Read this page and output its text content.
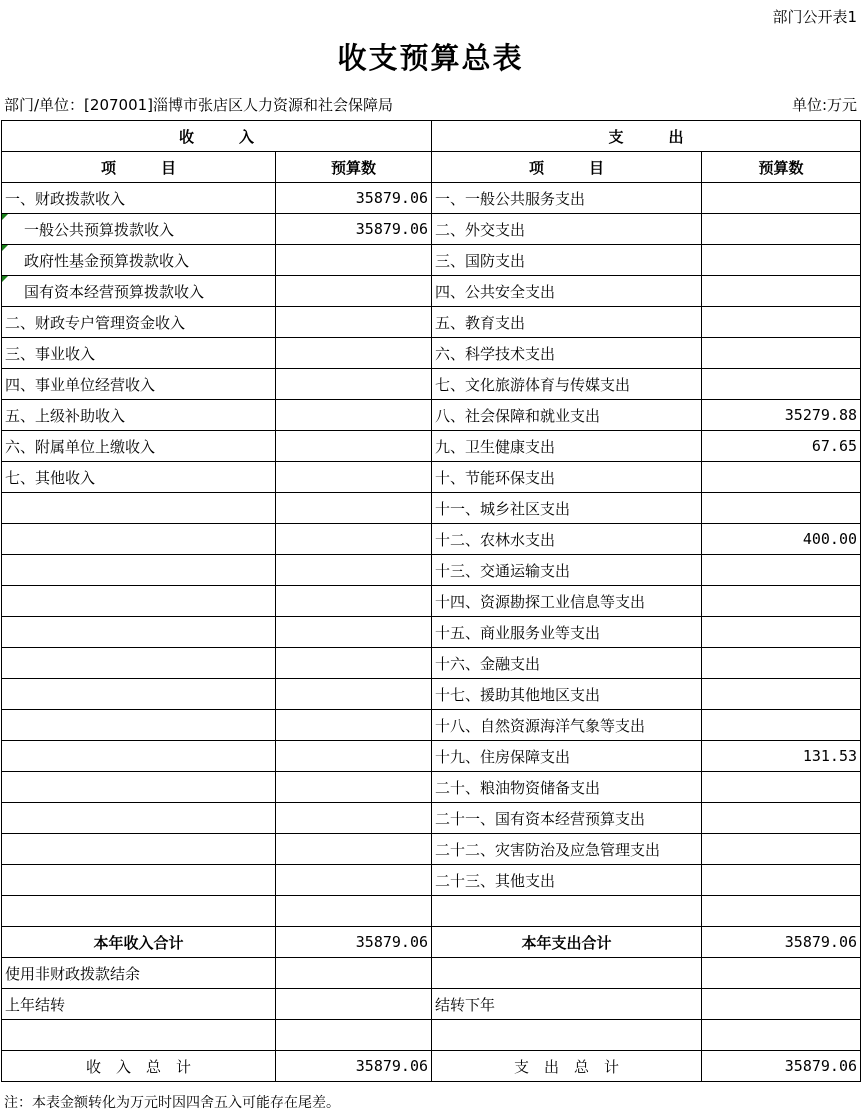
部门公开表1
收支预算总表
部门/单位：[207001]淄博市张店区人力资源和社会保障局	单位:万元
收　　　入		支　　　出	
项　　　目	预算数	项　　　目	预算数
一、财政拨款收入	35879.06	一、一般公共服务支出	
一般公共预算拨款收入	35879.06	二、外交支出	
政府性基金预算拨款收入		三、国防支出	
国有资本经营预算拨款收入		四、公共安全支出	
二、财政专户管理资金收入		五、教育支出	
三、事业收入		六、科学技术支出	
四、事业单位经营收入		七、文化旅游体育与传媒支出	
五、上级补助收入		八、社会保障和就业支出	35279.88
六、附属单位上缴收入		九、卫生健康支出	67.65
七、其他收入		十、节能环保支出	
		十一、城乡社区支出	
		十二、农林水支出	400.00
		十三、交通运输支出	
		十四、资源勘探工业信息等支出	
		十五、商业服务业等支出	
		十六、金融支出	
		十七、援助其他地区支出	
		十八、自然资源海洋气象等支出	
		十九、住房保障支出	131.53
		二十、粮油物资储备支出	
		二十一、国有资本经营预算支出	
		二十二、灾害防治及应急管理支出	
		二十三、其他支出	

本年收入合计	35879.06	本年支出合计	35879.06
使用非财政拨款结余			
上年结转		结转下年	

收　入　总　计	35879.06	支　出　总　计	35879.06
注：本表金额转化为万元时因四舍五入可能存在尾差。
